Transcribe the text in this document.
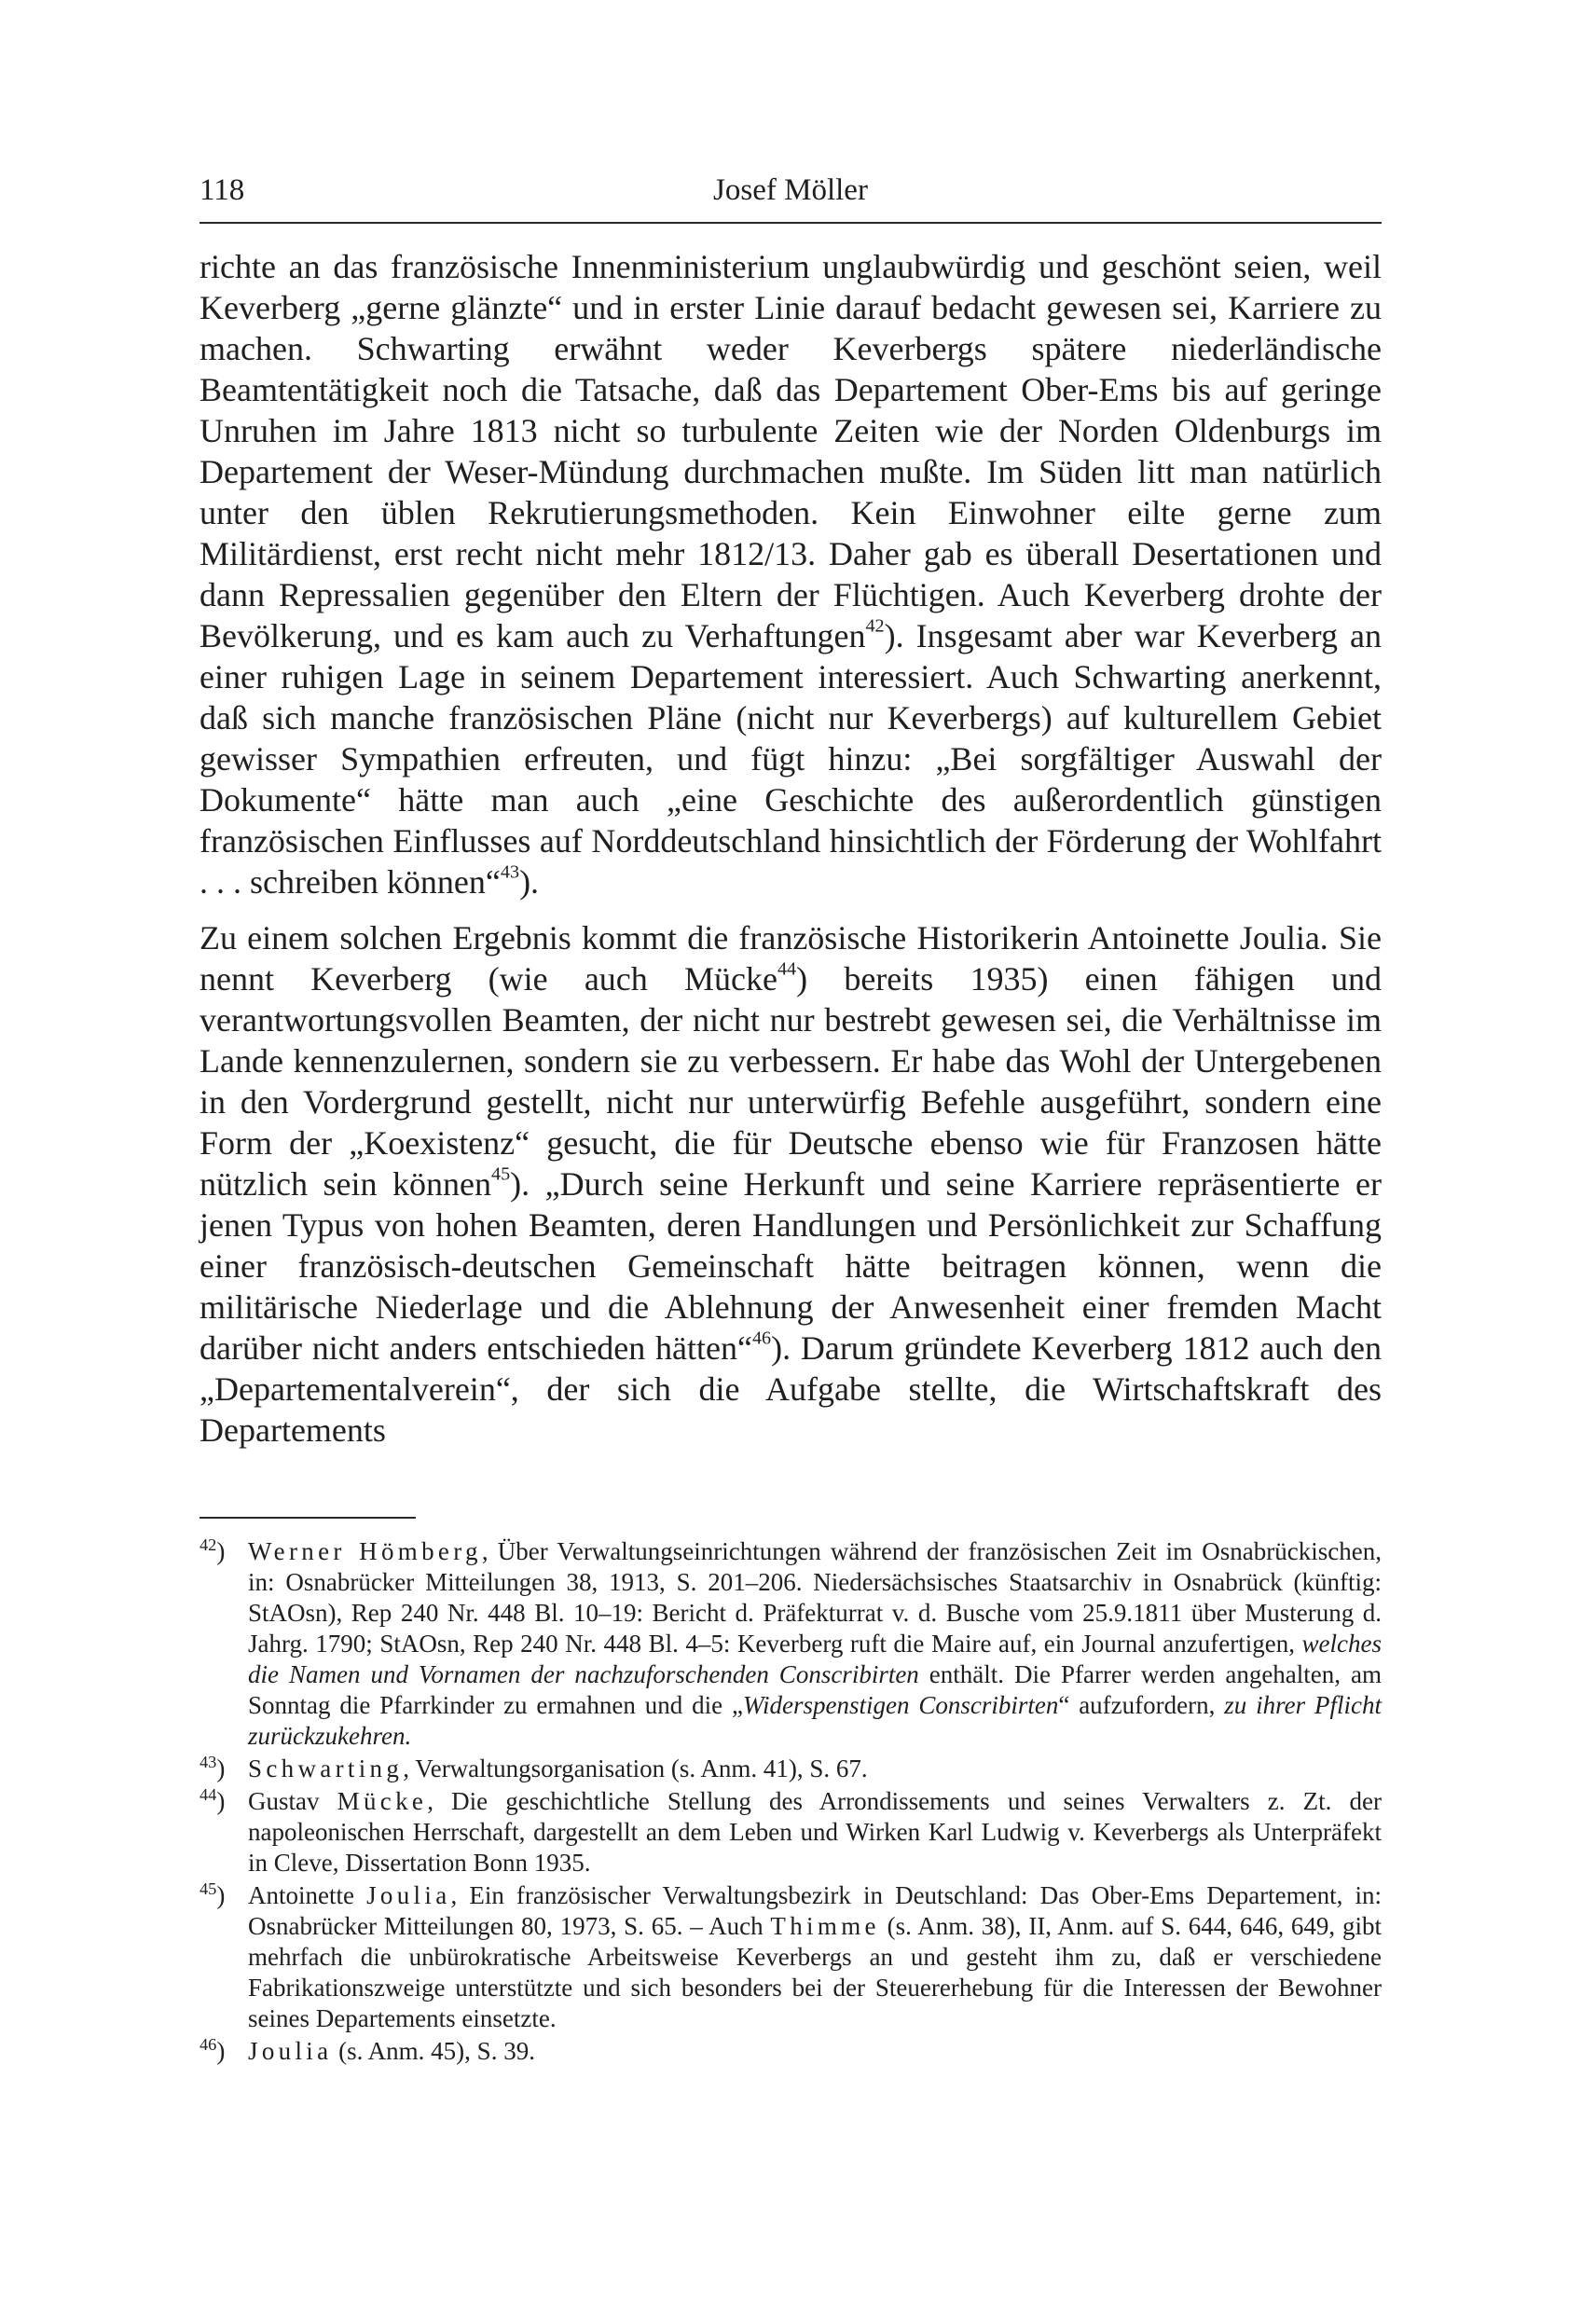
118	Josef Möller

richte an das französische Innenministerium unglaubwürdig und geschönt seien, weil Keverberg „gerne glänzte“ und in erster Linie darauf bedacht gewesen sei, Karriere zu machen. Schwarting erwähnt weder Keverbergs spätere niederländische Beamtentätigkeit noch die Tatsache, daß das Departement Ober-Ems bis auf geringe Unruhen im Jahre 1813 nicht so turbulente Zeiten wie der Norden Oldenburgs im Departement der Weser-Mündung durchmachen mußte. Im Süden litt man natürlich unter den üblen Rekrutierungsmethoden. Kein Einwohner eilte gerne zum Militärdienst, erst recht nicht mehr 1812/13. Daher gab es überall Desertationen und dann Repressalien gegenüber den Eltern der Flüchtigen. Auch Keverberg drohte der Bevölkerung, und es kam auch zu Verhaftungen$^{42}$). Insgesamt aber war Keverberg an einer ruhigen Lage in seinem Departement interessiert. Auch Schwarting anerkennt, daß sich manche französischen Pläne (nicht nur Keverbergs) auf kulturellem Gebiet gewisser Sympathien erfreuten, und fügt hinzu: „Bei sorgfältiger Auswahl der Dokumente“ hätte man auch „eine Geschichte des außerordentlich günstigen französischen Einflusses auf Norddeutschland hinsichtlich der Förderung der Wohlfahrt . . . schreiben können“$^{43}$).

Zu einem solchen Ergebnis kommt die französische Historikerin Antoinette Joulia. Sie nennt Keverberg (wie auch Mücke$^{44}$) bereits 1935) einen fähigen und verantwortungsvollen Beamten, der nicht nur bestrebt gewesen sei, die Verhältnisse im Lande kennenzulernen, sondern sie zu verbessern. Er habe das Wohl der Untergebenen in den Vordergrund gestellt, nicht nur unterwürfig Befehle ausgeführt, sondern eine Form der „Koexistenz“ gesucht, die für Deutsche ebenso wie für Franzosen hätte nützlich sein können$^{45}$). „Durch seine Herkunft und seine Karriere repräsentierte er jenen Typus von hohen Beamten, deren Handlungen und Persönlichkeit zur Schaffung einer französisch-deutschen Gemeinschaft hätte beitragen können, wenn die militärische Niederlage und die Ablehnung der Anwesenheit einer fremden Macht darüber nicht anders entschieden hätten“$^{46}$). Darum gründete Keverberg 1812 auch den „Departementalverein“, der sich die Aufgabe stellte, die Wirtschaftskraft des Departements

$^{42}$) Werner Hömberg, Über Verwaltungseinrichtungen während der französischen Zeit im Osnabrückischen, in: Osnabrücker Mitteilungen 38, 1913, S. 201–206. Niedersächsisches Staatsarchiv in Osnabrück (künftig: StAOsn), Rep 240 Nr. 448 Bl. 10–19: Bericht d. Präfekturrat v. d. Busche vom 25.9.1811 über Musterung d. Jahrg. 1790; StAOsn, Rep 240 Nr. 448 Bl. 4–5: Keverberg ruft die Maire auf, ein Journal anzufertigen, welches die Namen und Vornamen der nachzuforschenden Conscribirten enthält. Die Pfarrer werden angehalten, am Sonntag die Pfarrkinder zu ermahnen und die „Widerspenstigen Conscribirten“ aufzufordern, zu ihrer Pflicht zurückzukehren.
$^{43}$) Schwarting, Verwaltungsorganisation (s. Anm. 41), S. 67.
$^{44}$) Gustav Mücke, Die geschichtliche Stellung des Arrondissements und seines Verwalters z. Zt. der napoleonischen Herrschaft, dargestellt an dem Leben und Wirken Karl Ludwig v. Keverbergs als Unterpräfekt in Cleve, Dissertation Bonn 1935.
$^{45}$) Antoinette Joulia, Ein französischer Verwaltungsbezirk in Deutschland: Das Ober-Ems Departement, in: Osnabrücker Mitteilungen 80, 1973, S. 65. – Auch Thimme (s. Anm. 38), II, Anm. auf S. 644, 646, 649, gibt mehrfach die unbürokratische Arbeitsweise Keverbergs an und gesteht ihm zu, daß er verschiedene Fabrikationszweige unterstützte und sich besonders bei der Steuererhebung für die Interessen der Bewohner seines Departements einsetzte.
$^{46}$) Joulia (s. Anm. 45), S. 39.
